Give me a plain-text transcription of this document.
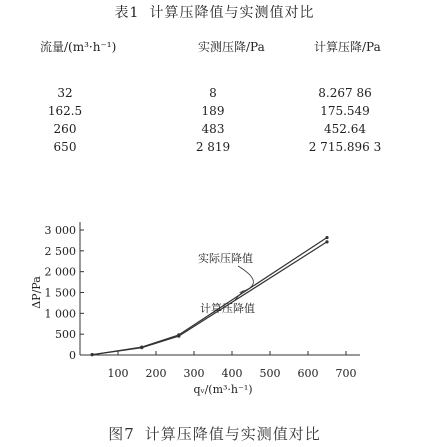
表1 计算压降值与实测值对比
流量/(m³·h⁻¹)	实测压降/Pa	计算压降/Pa
32	8	8.267 86
162.5	189	175.549
260	483	452.64
650	2 819	2 715.896 3
0
500
1 000
1 500
2 000
2 500
3 000
100 200 300 400 500 600 700
qᵥ/(m³·h⁻¹)
ΔP/Pa
实际压降值
计算压降值
图7 计算压降值与实测值对比
